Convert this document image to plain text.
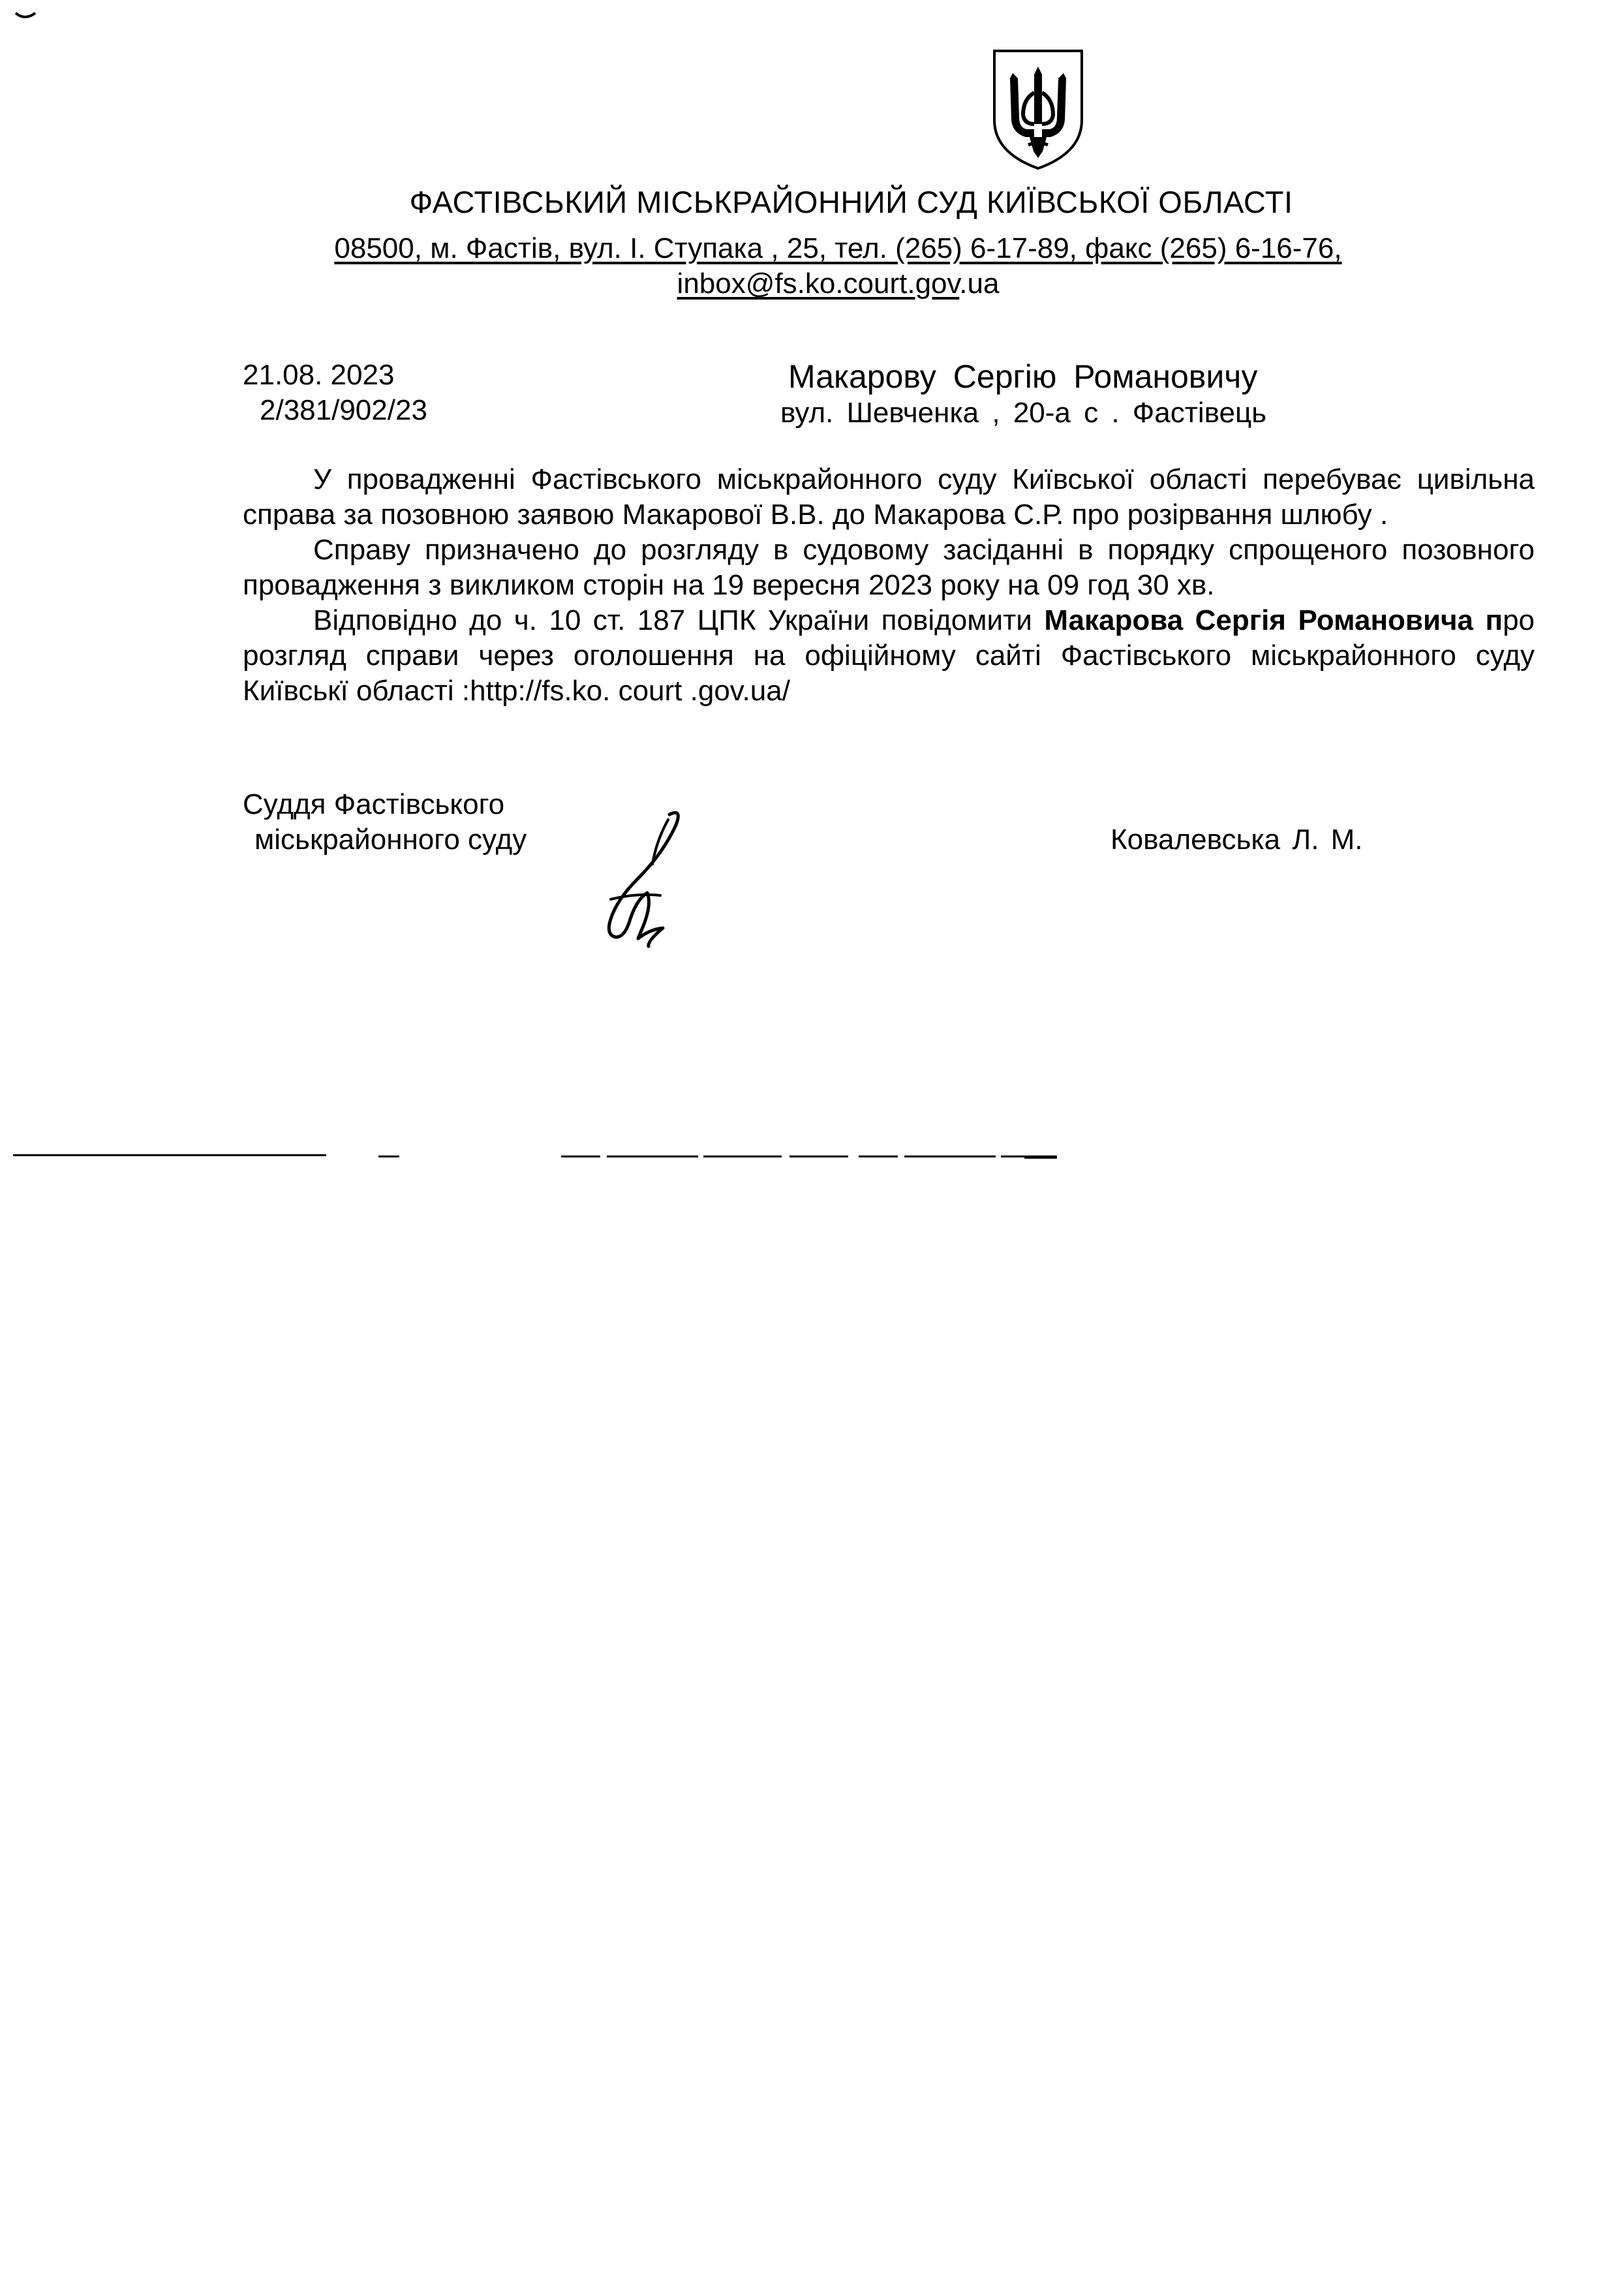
ФАСТІВСЬКИЙ МІСЬКРАЙОННИЙ СУД КИЇВСЬКОЇ ОБЛАСТІ
08500, м. Фастів, вул. І. Ступака , 25, тел. (265) 6-17-89, факс (265) 6-16-76,
inbox@fs.ko.court.gov.ua
21.08. 2023
2/381/902/23
Макарову Сергію Романовичу
вул. Шевченка , 20-а с . Фастівець

У провадженні Фастівського міськрайонного суду Київської області перебуває цивільна справа за позовною заявою Макарової В.В. до Макарова С.Р. про розірвання шлюбу .

Справу призначено до розгляду в судовому засіданні в порядку спрощеного позовного провадження з викликом сторін на 19 вересня 2023 року на 09 год 30 хв.

Відповідно до ч. 10 ст. 187 ЦПК України повідомити Макарова Сергія Романовича про розгляд справи через оголошення на офіційному сайті Фастівського міськрайонного суду Київськї області :http://fs.ko. court .gov.ua/

Суддя Фастівського
міськрайонного суду	Ковалевська Л. М.
